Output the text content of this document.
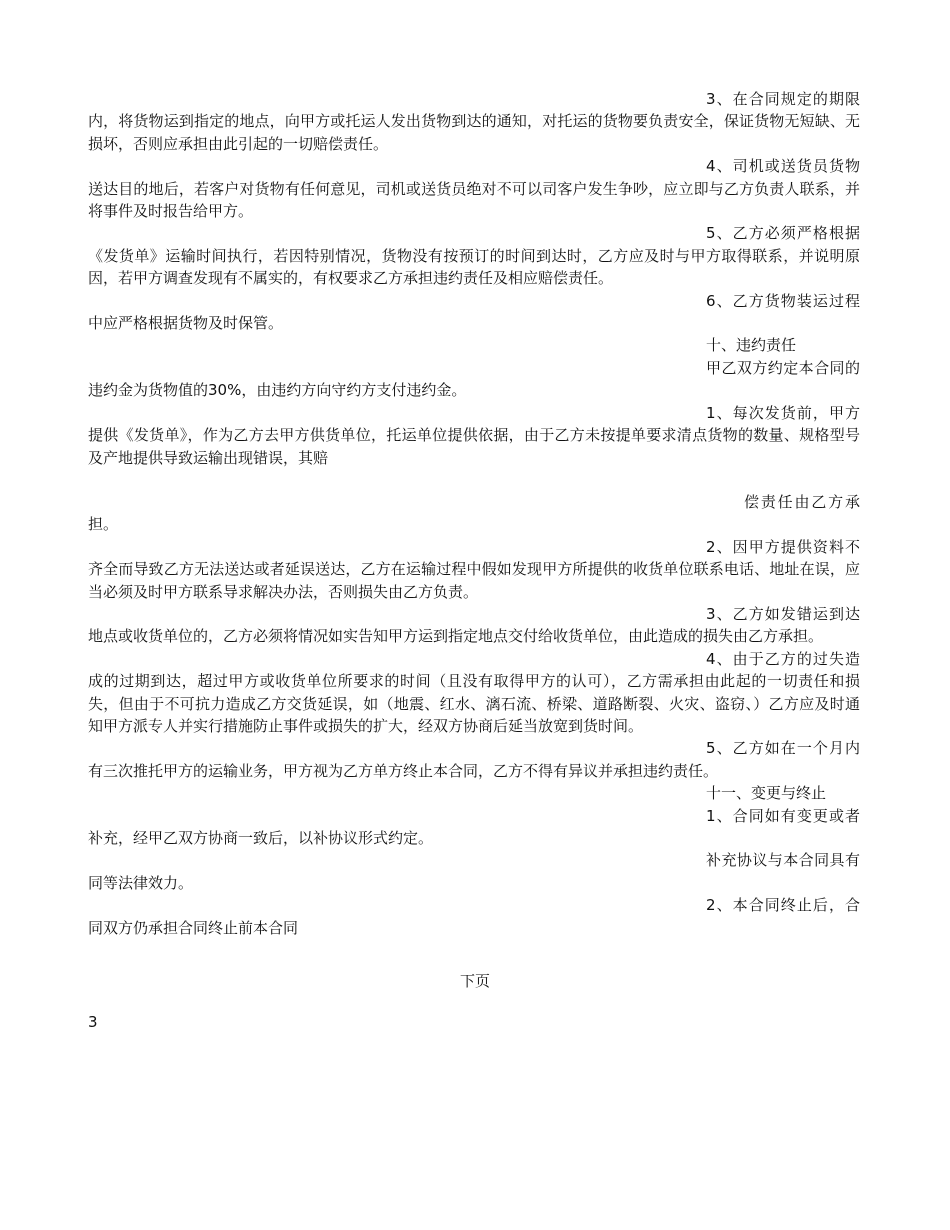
3、在合同规定的期限内，将货物运到指定的地点，向甲方或托运人发出货物到达的通知，对托运的货物要负责安全，保证货物无短缺、无损坏，否则应承担由此引起的一切赔偿责任。

4、司机或送货员货物送达目的地后，若客户对货物有任何意见，司机或送货员绝对不可以司客户发生争吵，应立即与乙方负责人联系，并将事件及时报告给甲方。

5、乙方必须严格根据《发货单》运输时间执行，若因特别情况，货物没有按预订的时间到达时，乙方应及时与甲方取得联系，并说明原因，若甲方调查发现有不属实的，有权要求乙方承担违约责任及相应赔偿责任。

6、乙方货物装运过程中应严格根据货物及时保管。

十、违约责任

甲乙双方约定本合同的违约金为货物值的30%，由违约方向守约方支付违约金。

1、每次发货前，甲方提供《发货单》，作为乙方去甲方供货单位，托运单位提供依据，由于乙方未按提单要求清点货物的数量、规格型号及产地提供导致运输出现错误，其赔

偿责任由乙方承担。

2、因甲方提供资料不齐全而导致乙方无法送达或者延误送达，乙方在运输过程中假如发现甲方所提供的收货单位联系电话、地址在误，应当必须及时甲方联系导求解决办法，否则损失由乙方负责。

3、乙方如发错运到达地点或收货单位的，乙方必须将情况如实告知甲方运到指定地点交付给收货单位，由此造成的损失由乙方承担。

4、由于乙方的过失造成的过期到达，超过甲方或收货单位所要求的时间（且没有取得甲方的认可），乙方需承担由此起的一切责任和损失，但由于不可抗力造成乙方交货延误，如（地震、红水、漓石流、桥梁、道路断裂、火灾、盗窃、）乙方应及时通知甲方派专人并实行措施防止事件或损失的扩大，经双方协商后延当放宽到货时间。

5、乙方如在一个月内有三次推托甲方的运输业务，甲方视为乙方单方终止本合同，乙方不得有异议并承担违约责任。

十一、变更与终止

1、合同如有变更或者补充，经甲乙双方协商一致后，以补协议形式约定。

补充协议与本合同具有同等法律效力。

2、本合同终止后，合同双方仍承担合同终止前本合同

下页
3
